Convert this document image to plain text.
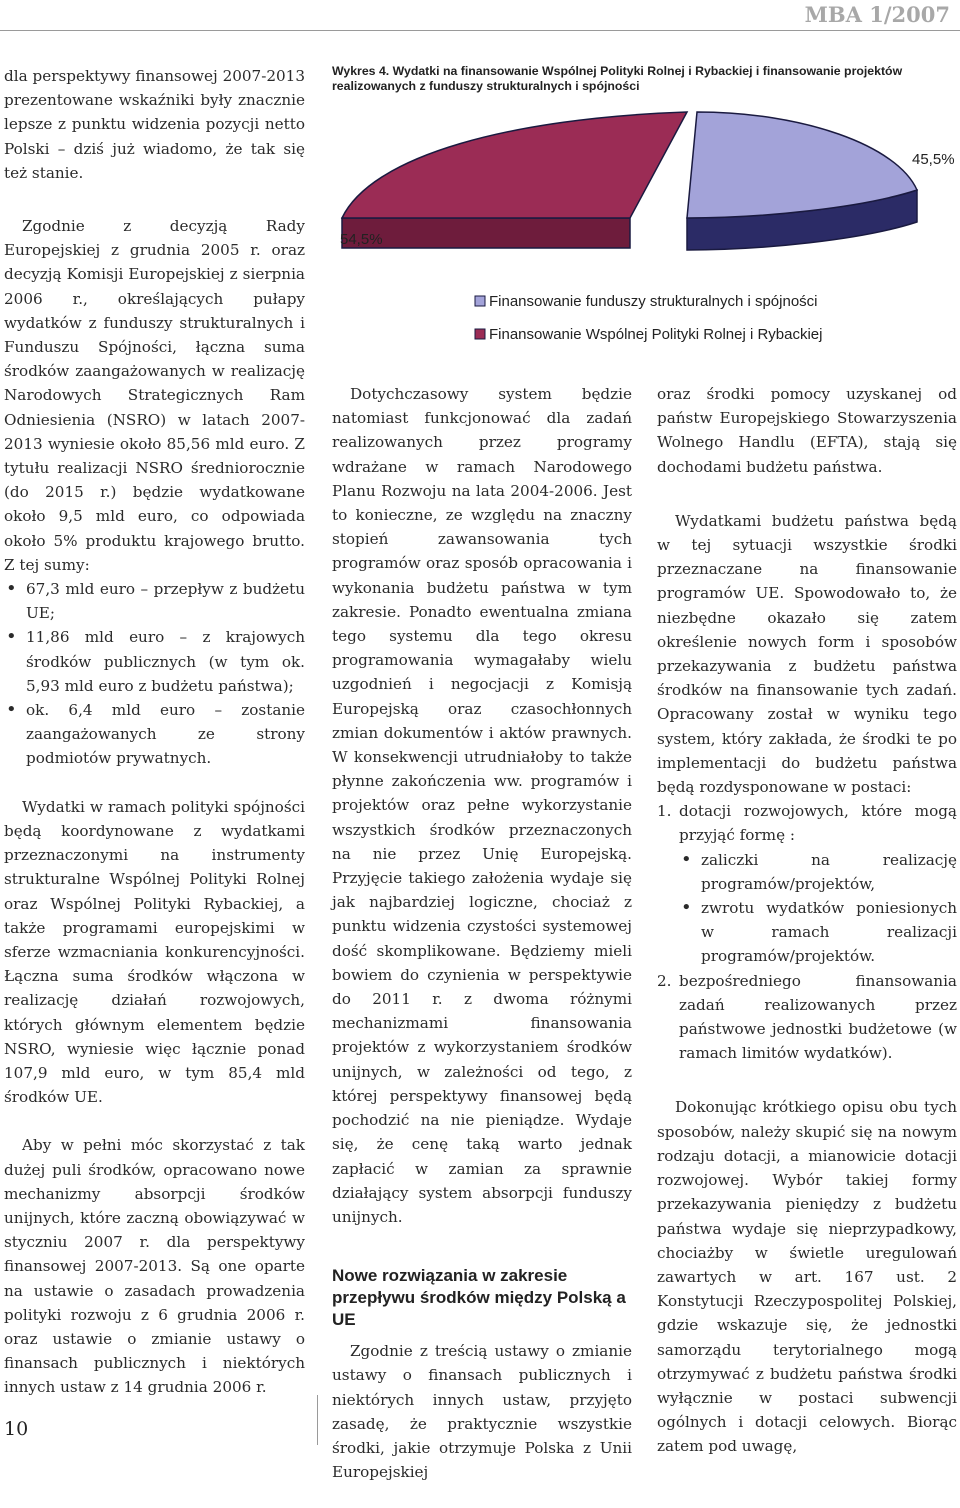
MBA 1/2007

dla perspektywy finansowej 2007-2013 prezentowane wskaźniki były znacznie lepsze z punktu widzenia pozycji netto Polski – dziś już wiadomo, że tak się też stanie.

Zgodnie z decyzją Rady Europejskiej z grudnia 2005 r. oraz decyzją Komisji Europejskiej z sierpnia 2006 r., określających pułapy wydatków z funduszy strukturalnych i Funduszu Spójności, łączna suma środków zaangażowanych w realizację Narodowych Strategicznych Ram Odniesienia (NSRO) w latach 2007-2013 wyniesie około 85,56 mld euro. Z tytułu realizacji NSRO średniorocznie (do 2015 r.) będzie wydatkowane około 9,5 mld euro, co odpowiada około 5% produktu krajowego brutto. Z tej sumy:

• 67,3 mld euro – przepływ z budżetu UE;
• 11,86 mld euro – z krajowych środków publicznych (w tym ok. 5,93 mld euro z budżetu państwa);
• ok. 6,4 mld euro – zostanie zaangażowanych ze strony podmiotów prywatnych.

Wydatki w ramach polityki spójności będą koordynowane z wydatkami przeznaczonymi na instrumenty strukturalne Wspólnej Polityki Rolnej oraz Wspólnej Polityki Rybackiej, a także programami europejskimi w sferze wzmacniania konkurencyjności. Łączna suma środków włączona w realizację działań rozwojowych, których głównym elementem będzie NSRO, wyniesie więc łącznie ponad 107,9 mld euro, w tym 85,4 mld środków UE.

Aby w pełni móc skorzystać z tak dużej puli środków, opracowano nowe mechanizmy absorpcji środków unijnych, które zaczną obowiązywać w styczniu 2007 r. dla perspektywy finansowej 2007-2013. Są one oparte na ustawie o zasadach prowadzenia polityki rozwoju z 6 grudnia 2006 r. oraz ustawie o zmianie ustawy o finansach publicznych i niektórych innych ustaw z 14 grudnia 2006 r.

Wykres 4. Wydatki na finansowanie Wspólnej Polityki Rolnej i Rybackiej i finansowanie projektów realizowanych z funduszy strukturalnych i spójności
54,5%
45,5%
Finansowanie funduszy strukturalnych i spójności
Finansowanie Wspólnej Polityki Rolnej i Rybackiej

Dotychczasowy system będzie natomiast funkcjonować dla zadań realizowanych przez programy wdrażane w ramach Narodowego Planu Rozwoju na lata 2004-2006. Jest to konieczne, ze względu na znaczny stopień zawansowania tych programów oraz sposób opracowania i wykonania budżetu państwa w tym zakresie. Ponadto ewentualna zmiana tego systemu dla tego okresu programowania wymagałaby wielu uzgodnień i negocjacji z Komisją Europejską oraz czasochłonnych zmian dokumentów i aktów prawnych. W konsekwencji utrudniałoby to także płynne zakończenia ww. programów i projektów oraz pełne wykorzystanie wszystkich środków przeznaczonych na nie przez Unię Europejską. Przyjęcie takiego założenia wydaje się jak najbardziej logiczne, chociaż z punktu widzenia czystości systemowej dość skomplikowane. Będziemy mieli bowiem do czynienia w perspektywie do 2011 r. z dwoma różnymi mechanizmami finansowania projektów z wykorzystaniem środków unijnych, w zależności od tego, z której perspektywy finansowej będą pochodzić na nie pieniądze. Wydaje się, że cenę taką warto jednak zapłacić w zamian za sprawnie działający system absorpcji funduszy unijnych.

Nowe rozwiązania w zakresie przepływu środków między Polską a UE

Zgodnie z treścią ustawy o zmianie ustawy o finansach publicznych i niektórych innych ustaw, przyjęto zasadę, że praktycznie wszystkie środki, jakie otrzymuje Polska z Unii Europejskiej

oraz środki pomocy uzyskanej od państw Europejskiego Stowarzyszenia Wolnego Handlu (EFTA), stają się dochodami budżetu państwa.

Wydatkami budżetu państwa będą w tej sytuacji wszystkie środki przeznaczane na finansowanie programów UE. Spowodowało to, że niezbędne okazało się zatem określenie nowych form i sposobów przekazywania z budżetu państwa środków na finansowanie tych zadań. Opracowany został w wyniku tego system, który zakłada, że środki te po implementacji do budżetu państwa będą rozdysponowane w postaci:

1. dotacji rozwojowych, które mogą przyjąć formę :
• zaliczki na realizację programów/projektów,
• zwrotu wydatków poniesionych w ramach realizacji programów/projektów.
2. bezpośredniego finansowania zadań realizowanych przez państwowe jednostki budżetowe (w ramach limitów wydatków).

Dokonując krótkiego opisu obu tych sposobów, należy skupić się na nowym rodzaju dotacji, a mianowicie dotacji rozwojowej. Wybór takiej formy przekazywania pieniędzy z budżetu państwa wydaje się nieprzypadkowy, chociażby w świetle uregulowań zawartych w art. 167 ust. 2 Konstytucji Rzeczypospolitej Polskiej, gdzie wskazuje się, że jednostki samorządu terytorialnego mogą otrzymywać z budżetu państwa środki wyłącznie w postaci subwencji ogólnych i dotacji celowych. Biorąc zatem pod uwagę,

10
